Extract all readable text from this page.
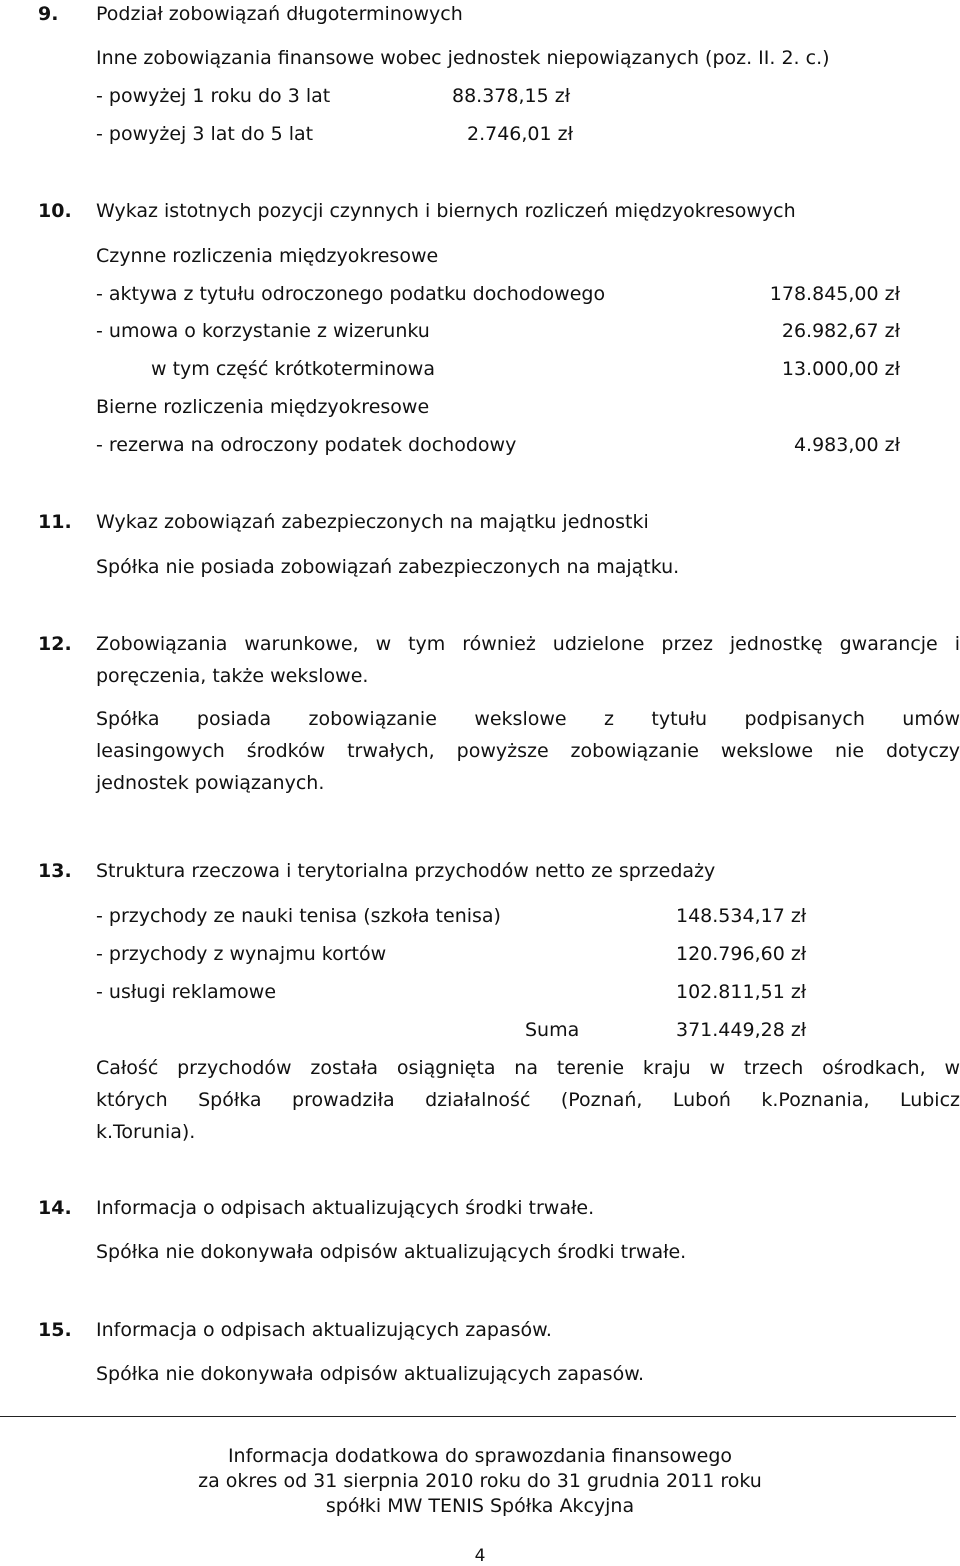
9. Podział zobowiązań długoterminowych
Inne zobowiązania finansowe wobec jednostek niepowiązanych (poz. II. 2. c.)
- powyżej 1 roku do 3 lat	88.378,15 zł
- powyżej 3 lat do 5 lat	2.746,01 zł
10. Wykaz istotnych pozycji czynnych i biernych rozliczeń międzyokresowych
Czynne rozliczenia międzyokresowe
- aktywa z tytułu odroczonego podatku dochodowego	178.845,00 zł
- umowa o korzystanie z wizerunku	26.982,67 zł
w tym część krótkoterminowa	13.000,00 zł
Bierne rozliczenia międzyokresowe
- rezerwa na odroczony podatek dochodowy	4.983,00 zł
11. Wykaz zobowiązań zabezpieczonych na majątku jednostki
Spółka nie posiada zobowiązań zabezpieczonych na majątku.
12. Zobowiązania warunkowe, w tym również udzielone przez jednostkę gwarancje i
poręczenia, także wekslowe.
Spółka posiada zobowiązanie wekslowe z tytułu podpisanych umów
leasingowych środków trwałych, powyższe zobowiązanie wekslowe nie dotyczy
jednostek powiązanych.
13. Struktura rzeczowa i terytorialna przychodów netto ze sprzedaży
- przychody ze nauki tenisa (szkoła tenisa)	148.534,17 zł
- przychody z wynajmu kortów	120.796,60 zł
- usługi reklamowe	102.811,51 zł
Suma	371.449,28 zł
Całość przychodów została osiągnięta na terenie kraju w trzech ośrodkach, w
których Spółka prowadziła działalność (Poznań, Luboń k.Poznania, Lubicz
k.Torunia).
14. Informacja o odpisach aktualizujących środki trwałe.
Spółka nie dokonywała odpisów aktualizujących środki trwałe.
15. Informacja o odpisach aktualizujących zapasów.
Spółka nie dokonywała odpisów aktualizujących zapasów.
Informacja dodatkowa do sprawozdania finansowego
za okres od 31 sierpnia 2010 roku do 31 grudnia 2011 roku
spółki MW TENIS Spółka Akcyjna
4
